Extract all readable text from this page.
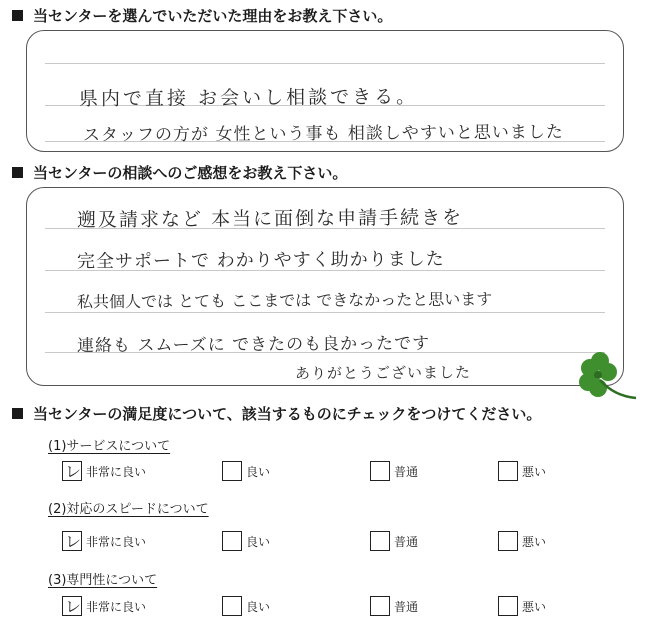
当センターを選んでいただいた理由をお教え下さい。
県内で直接 お会いし相談できる。
スタッフの方が 女性という事も 相談しやすいと思いました
当センターの相談へのご感想をお教え下さい。
遡及請求など 本当に面倒な申請手続きを
完全サポートで わかりやすく助かりました
私共個人では とても ここまでは できなかったと思います
連絡も スムーズに できたのも良かったです
ありがとうございました
当センターの満足度について、該当するものにチェックをつけてください。
(1)サービスについて
レ 非常に良い	良い	普通	悪い
(2)対応のスピードについて
レ 非常に良い	良い	普通	悪い
(3)専門性について
レ 非常に良い	良い	普通	悪い
